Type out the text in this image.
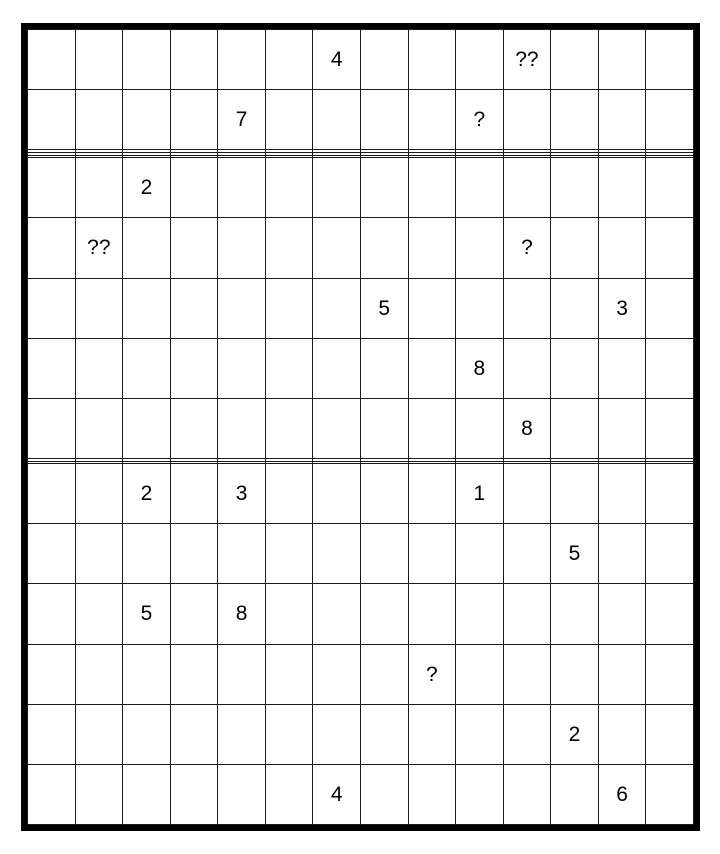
						4				??			
				7					?				

		2											
	??									?			
							5					3	
									8				
										8			

		2		3					1				
											5		
		5		8									
								?					
											2		
						4						6	
